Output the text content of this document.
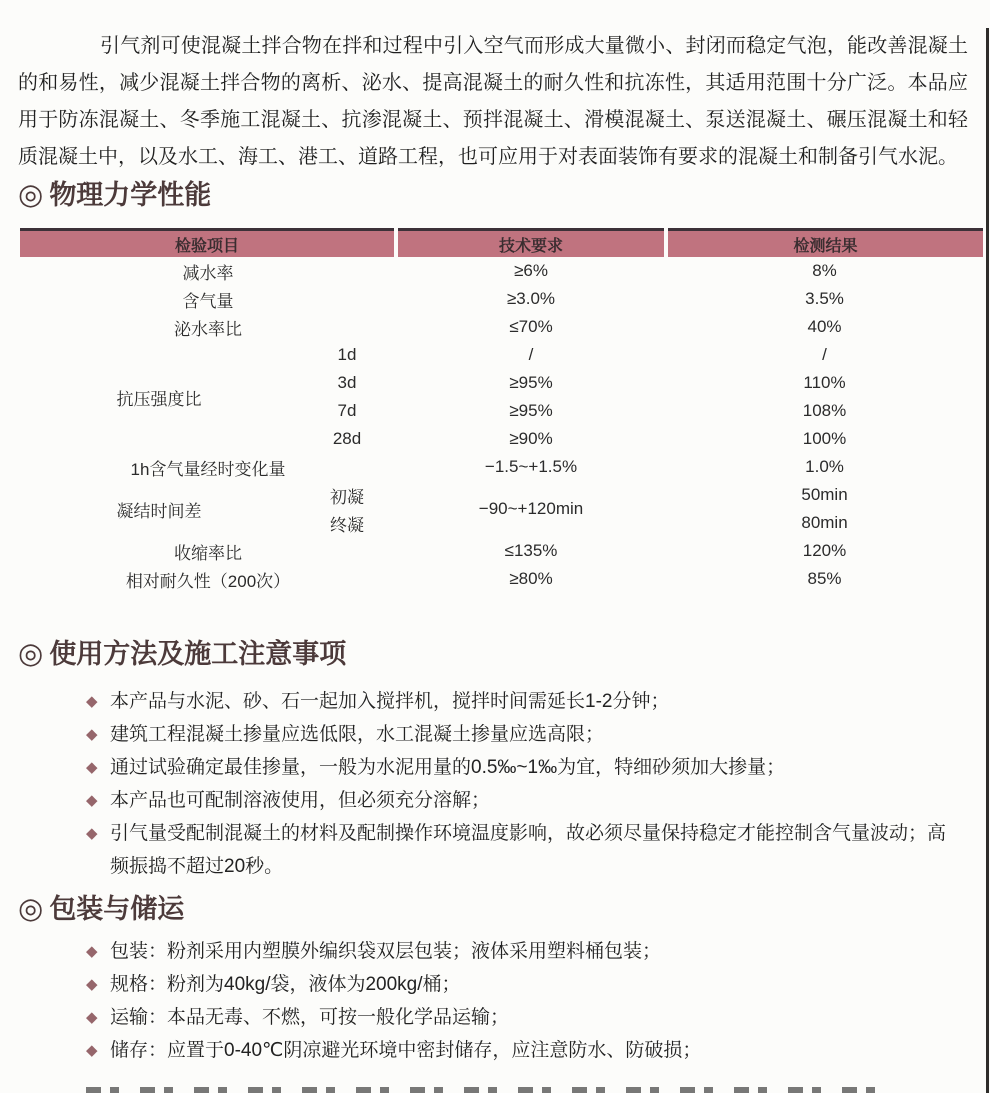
引气剂可使混凝土拌合物在拌和过程中引入空气而形成大量微小、封闭而稳定气泡，能改善混凝土的和易性，减少混凝土拌合物的离析、泌水、提高混凝土的耐久性和抗冻性，其适用范围十分广泛。本品应用于防冻混凝土、冬季施工混凝土、抗渗混凝土、预拌混凝土、滑模混凝土、泵送混凝土、碾压混凝土和轻质混凝土中，以及水工、海工、港工、道路工程，也可应用于对表面装饰有要求的混凝土和制备引气水泥。

◎ 物理力学性能
检验项目		技术要求	检测结果
减水率		≥6%	8%
含气量		≥3.0%	3.5%
泌水率比		≤70%	40%
抗压强度比	1d	/	/
	3d	≥95%	110%
	7d	≥95%	108%
	28d	≥90%	100%
1h含气量经时变化量		−1.5~+1.5%	1.0%
凝结时间差	初凝	−90~+120min	50min
	终凝		80min
收缩率比		≤135%	120%
相对耐久性（200次）		≥80%	85%
◎ 使用方法及施工注意事项
◆ 本产品与水泥、砂、石一起加入搅拌机，搅拌时间需延长1-2分钟；
◆ 建筑工程混凝土掺量应选低限，水工混凝土掺量应选高限；
◆ 通过试验确定最佳掺量，一般为水泥用量的0.5‰~1‰为宜，特细砂须加大掺量；
◆ 本产品也可配制溶液使用，但必须充分溶解；
◆ 引气量受配制混凝土的材料及配制操作环境温度影响，故必须尽量保持稳定才能控制含气量波动；高频振捣不超过20秒。
◎ 包装与储运
◆ 包装：粉剂采用内塑膜外编织袋双层包装；液体采用塑料桶包装；
◆ 规格：粉剂为40kg/袋，液体为200kg/桶；
◆ 运输：本品无毒、不燃，可按一般化学品运输；
◆ 储存：应置于0-40℃阴凉避光环境中密封储存，应注意防水、防破损；
